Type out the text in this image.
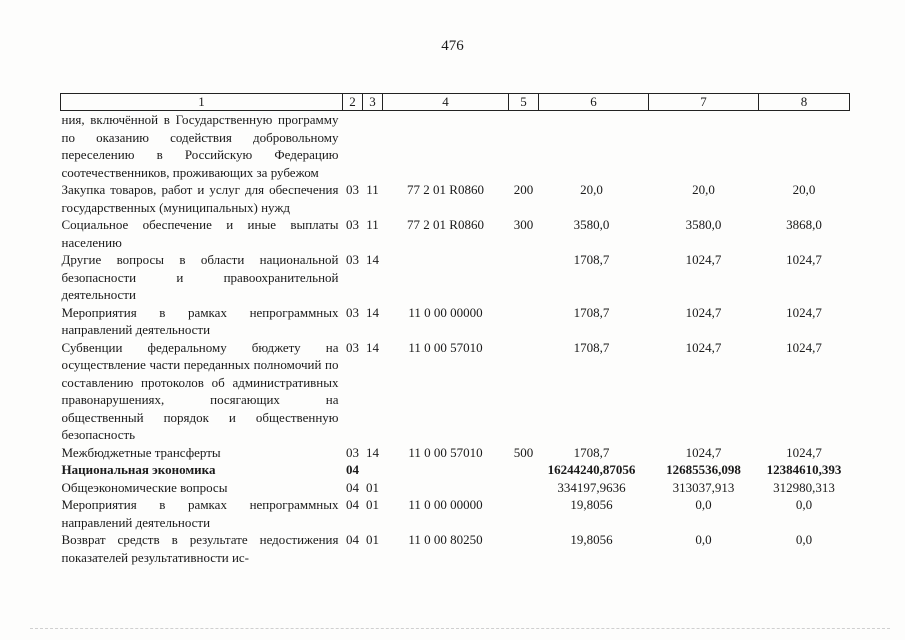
476
1	2	3	4	5	6	7	8
ния, включённой в Государственную программу по оказанию содействия добровольному переселению в Российскую Федерацию соотечественников, проживающих за рубежом							
Закупка товаров, работ и услуг для обеспечения государственных (муниципальных) нужд	03	11	77 2 01 R0860	200	20,0	20,0	20,0
Социальное обеспечение и иные выплаты населению	03	11	77 2 01 R0860	300	3580,0	3580,0	3868,0
Другие вопросы в области национальной безопасности и правоохранительной деятельности	03	14			1708,7	1024,7	1024,7
Мероприятия в рамках непрограммных направлений деятельности	03	14	11 0 00 00000		1708,7	1024,7	1024,7
Субвенции федеральному бюджету на осуществление части переданных полномочий по составлению протоколов об административных правонарушениях, посягающих на общественный порядок и общественную безопасность	03	14	11 0 00 57010		1708,7	1024,7	1024,7
Межбюджетные трансферты	03	14	11 0 00 57010	500	1708,7	1024,7	1024,7
Национальная экономика	04				16244240,87056	12685536,098	12384610,393
Общеэкономические вопросы	04	01			334197,9636	313037,913	312980,313
Мероприятия в рамках непрограммных направлений деятельности	04	01	11 0 00 00000		19,8056	0,0	0,0
Возврат средств в результате недостижения показателей результативности ис-	04	01	11 0 00 80250		19,8056	0,0	0,0
